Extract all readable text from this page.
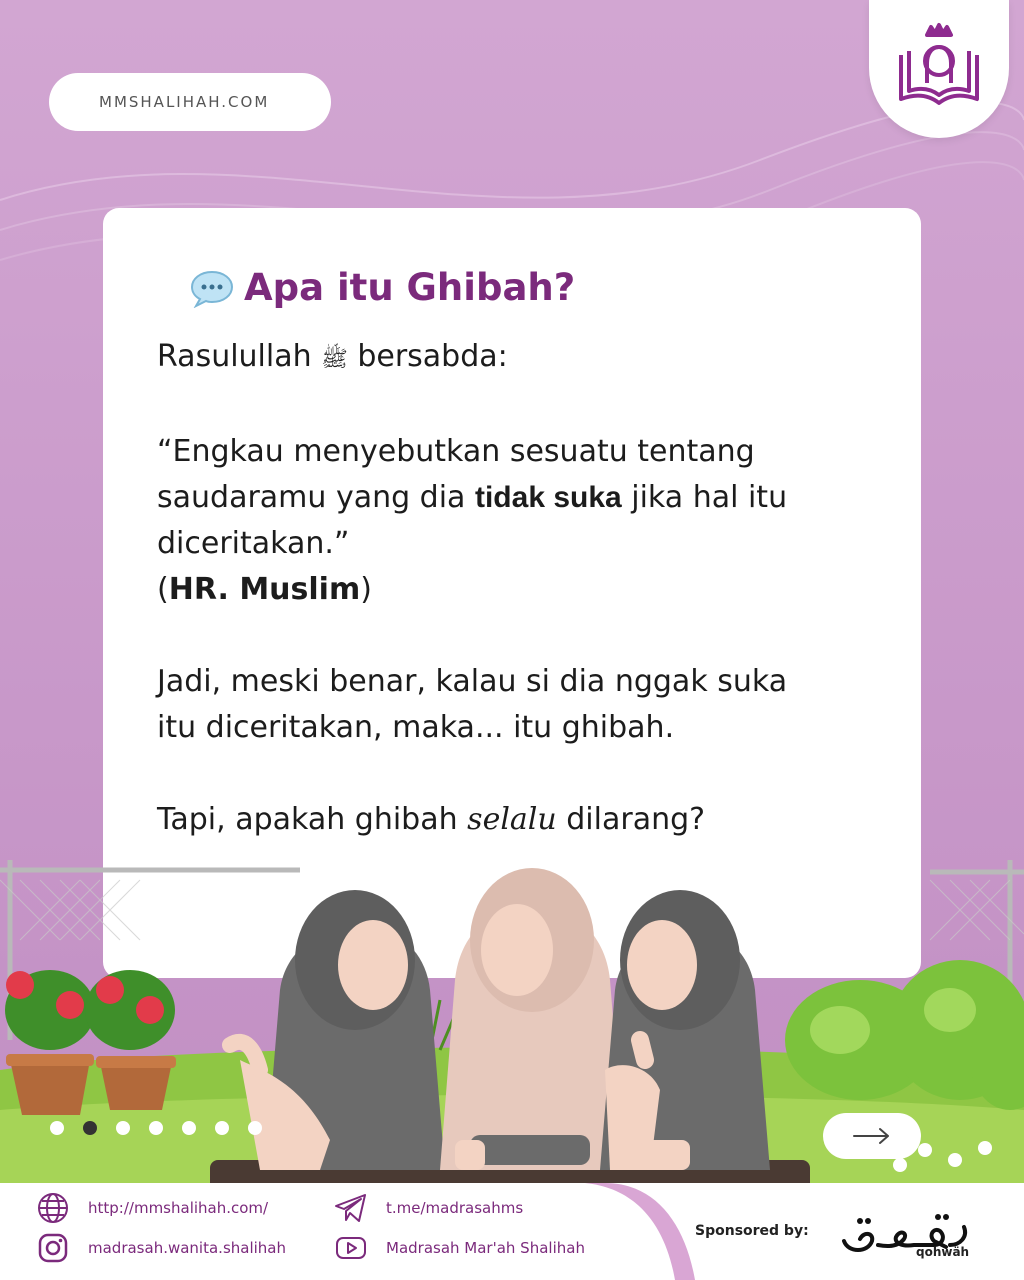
MMSHALIHAH.COM
Apa itu Ghibah?

Rasulullah ﷺ bersabda:

“Engkau menyebutkan sesuatu tentang saudaramu yang dia tidak suka jika hal itu diceritakan.”

(HR. Muslim)

Jadi, meski benar, kalau si dia nggak suka

itu diceritakan, maka... itu ghibah.

Tapi, apakah ghibah selalu dilarang?

http://mmshalihah.com/	t.me/madrasahms
madrasah.wanita.shalihah	Madrasah Mar'ah Shalihah
Sponsored by:
qohwäh
